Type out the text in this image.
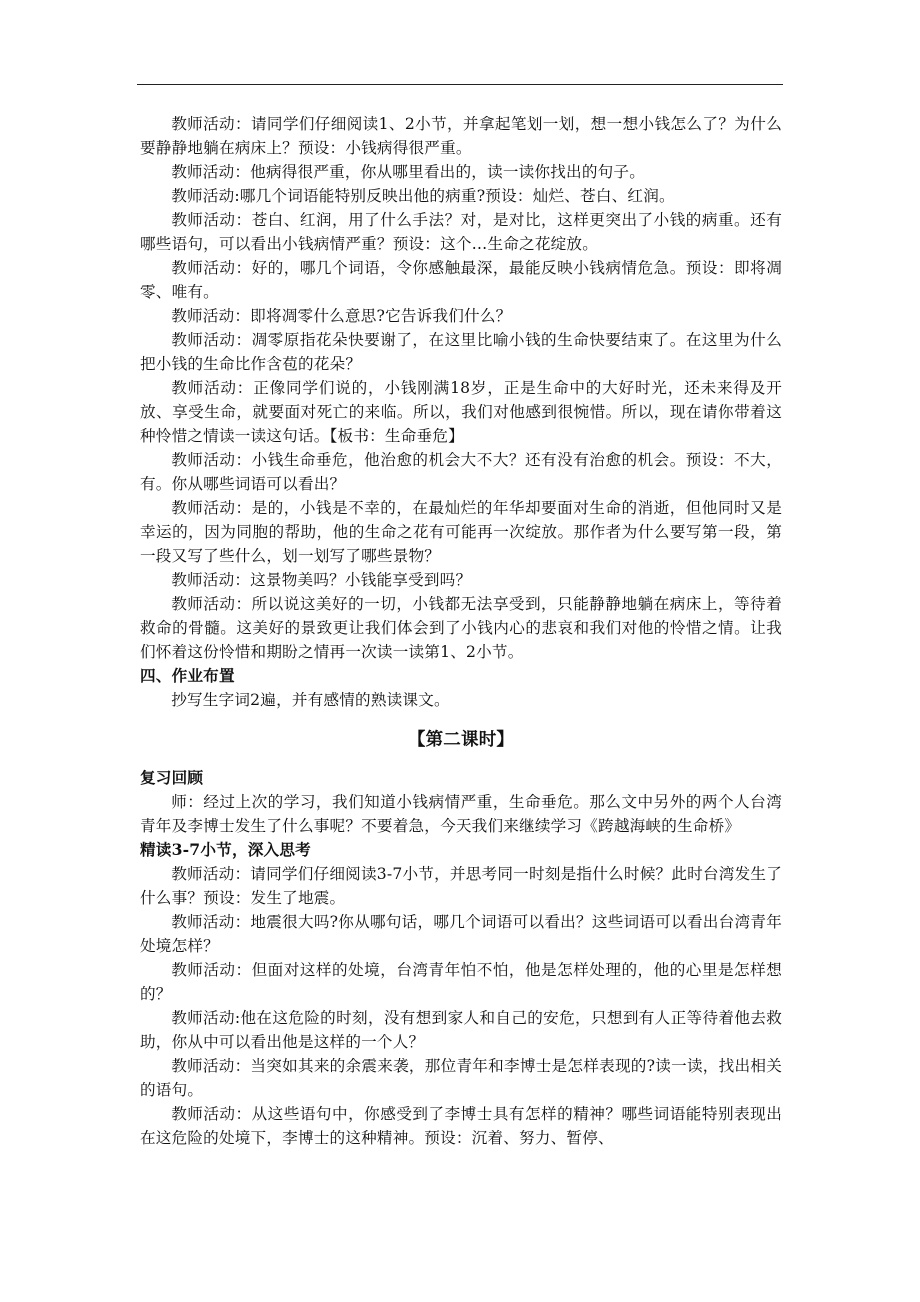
教师活动：请同学们仔细阅读1、2小节，并拿起笔划一划，想一想小钱怎么了？为什么要静静地躺在病床上？预设：小钱病得很严重。

教师活动：他病得很严重，你从哪里看出的，读一读你找出的句子。

教师活动:哪几个词语能特别反映出他的病重?预设：灿烂、苍白、红润。

教师活动：苍白、红润，用了什么手法？对，是对比，这样更突出了小钱的病重。还有哪些语句，可以看出小钱病情严重？预设：这个…生命之花绽放。

教师活动：好的，哪几个词语，令你感触最深，最能反映小钱病情危急。预设：即将凋零、唯有。

教师活动：即将凋零什么意思?它告诉我们什么？

教师活动：凋零原指花朵快要谢了，在这里比喻小钱的生命快要结束了。在这里为什么把小钱的生命比作含苞的花朵？

教师活动：正像同学们说的，小钱刚满18岁，正是生命中的大好时光，还未来得及开放、享受生命，就要面对死亡的来临。所以，我们对他感到很惋惜。所以，现在请你带着这种怜惜之情读一读这句话。【板书：生命垂危】

教师活动：小钱生命垂危，他治愈的机会大不大？还有没有治愈的机会。预设：不大，有。你从哪些词语可以看出？

教师活动：是的，小钱是不幸的，在最灿烂的年华却要面对生命的消逝，但他同时又是幸运的，因为同胞的帮助，他的生命之花有可能再一次绽放。那作者为什么要写第一段，第一段又写了些什么，划一划写了哪些景物？

教师活动：这景物美吗？小钱能享受到吗？

教师活动：所以说这美好的一切，小钱都无法享受到，只能静静地躺在病床上，等待着救命的骨髓。这美好的景致更让我们体会到了小钱内心的悲哀和我们对他的怜惜之情。让我们怀着这份怜惜和期盼之情再一次读一读第1、2小节。

四、作业布置

抄写生字词2遍，并有感情的熟读课文。

【第二课时】

复习回顾

师：经过上次的学习，我们知道小钱病情严重，生命垂危。那么文中另外的两个人台湾青年及李博士发生了什么事呢？不要着急，今天我们来继续学习《跨越海峡的生命桥》

精读3-7小节，深入思考

教师活动：请同学们仔细阅读3-7小节，并思考同一时刻是指什么时候？此时台湾发生了什么事？预设：发生了地震。

教师活动：地震很大吗?你从哪句话，哪几个词语可以看出？这些词语可以看出台湾青年处境怎样？

教师活动：但面对这样的处境，台湾青年怕不怕，他是怎样处理的，他的心里是怎样想的？

教师活动:他在这危险的时刻，没有想到家人和自己的安危，只想到有人正等待着他去救助，你从中可以看出他是这样的一个人？

教师活动：当突如其来的余震来袭，那位青年和李博士是怎样表现的?读一读，找出相关的语句。

教师活动：从这些语句中，你感受到了李博士具有怎样的精神？哪些词语能特别表现出在这危险的处境下，李博士的这种精神。预设：沉着、努力、暂停、
